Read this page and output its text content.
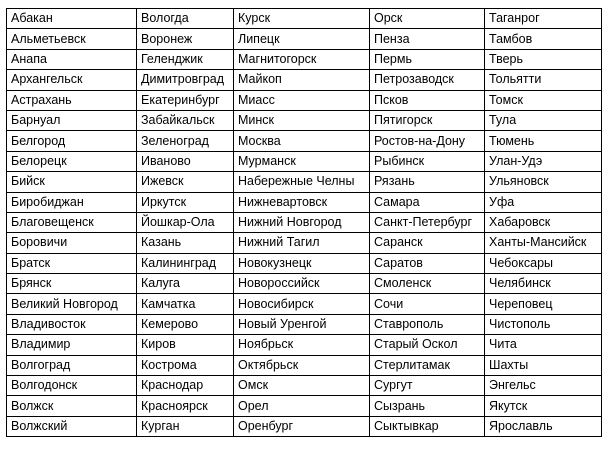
Абакан	Вологда	Курск	Орск	Таганрог
Альметьевск	Воронеж	Липецк	Пенза	Тамбов
Анапа	Геленджик	Магнитогорск	Пермь	Тверь
Архангельск	Димитровград	Майкоп	Петрозаводск	Тольятти
Астрахань	Екатеринбург	Миасс	Псков	Томск
Барнуал	Забайкальск	Минск	Пятигорск	Тула
Белгород	Зеленоград	Москва	Ростов-на-Дону	Тюмень
Белорецк	Иваново	Мурманск	Рыбинск	Улан-Удэ
Бийск	Ижевск	Набережные Челны	Рязань	Ульяновск
Биробиджан	Иркутск	Нижневартовск	Самара	Уфа
Благовещенск	Йошкар-Ола	Нижний Новгород	Санкт-Петербург	Хабаровск
Боровичи	Казань	Нижний Тагил	Саранск	Ханты-Мансийск
Братск	Калининград	Новокузнецк	Саратов	Чебоксары
Брянск	Калуга	Новороссийск	Смоленск	Челябинск
Великий Новгород	Камчатка	Новосибирск	Сочи	Череповец
Владивосток	Кемерово	Новый Уренгой	Ставрополь	Чистополь
Владимир	Киров	Ноябрьск	Старый Оскол	Чита
Волгоград	Кострома	Октябрьск	Стерлитамак	Шахты
Волгодонск	Краснодар	Омск	Сургут	Энгельс
Волжск	Красноярск	Орел	Сызрань	Якутск
Волжский	Курган	Оренбург	Сыктывкар	Ярославль
